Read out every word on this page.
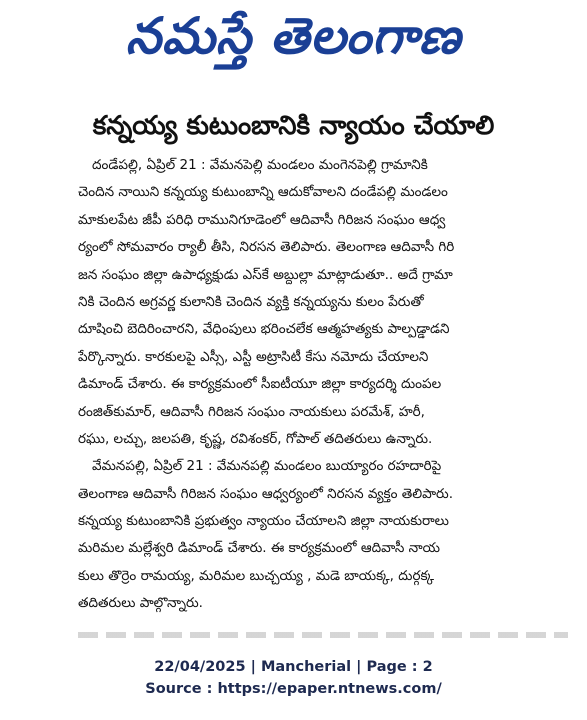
నమస్తే తెలంగాణ
కన్నయ్య కుటుంబానికి న్యాయం చేయాలి
దండేపల్లి, ఏప్రిల్ 21 : వేమనపెల్లి మండలం మంగెనపెల్లి గ్రామానికి
చెందిన నాయిని కన్నయ్య కుటుంబాన్ని ఆదుకోవాలని దండేపల్లి మండలం
మాకులపేట జీపీ పరిధి రామునిగూడెంలో ఆదివాసీ గిరిజన సంఘం ఆధ్వ
ర్యంలో సోమవారం ర్యాలీ తీసి, నిరసన తెలిపారు. తెలంగాణ ఆదివాసీ గిరి
జన సంఘం జిల్లా ఉపాధ్యక్షుడు ఎస్‌కే అబ్దుల్లా మాట్లాడుతూ.. అదే గ్రామా
నికి చెందిన అగ్రవర్ణ కులానికి చెందిన వ్యక్తి కన్నయ్యను కులం పేరుతో
దూషించి బెదిరించారని, వేధింపులు భరించలేక ఆత్మహత్యకు పాల్పడ్డాడని
పేర్కొన్నారు. కారకులపై ఎస్సీ, ఎస్టీ అట్రాసిటీ కేసు నమోదు చేయాలని
డిమాండ్ చేశారు. ఈ కార్యక్రమంలో సీఐటీయూ జిల్లా కార్యదర్శి దుంపల
రంజిత్‌కుమార్, ఆదివాసీ గిరిజన సంఘం నాయకులు పరమేశ్, హరీ,
రఘు, లచ్చు, జలపతి, కృష్ణ, రవిశంకర్, గోపాల్ తదితరులు ఉన్నారు.
వేమనపల్లి, ఏప్రిల్ 21 : వేమనపల్లి మండలం బుయ్యారం రహదారిపై
తెలంగాణ ఆదివాసీ గిరిజన సంఘం ఆధ్వర్యంలో నిరసన వ్యక్తం తెలిపారు.
కన్నయ్య కుటుంబానికి ప్రభుత్వం న్యాయం చేయాలని జిల్లా నాయకురాలు
మరిమల మల్లేశ్వరి డిమాండ్ చేశారు. ఈ కార్యక్రమంలో ఆదివాసీ నాయ
కులు తొర్రెం రామయ్య, మరిమల బుచ్చయ్య , మడె బాయక్క, దుర్గక్క
తదితరులు పాల్గొన్నారు.
22/04/2025 | Mancherial | Page : 2
Source : https://epaper.ntnews.com/
